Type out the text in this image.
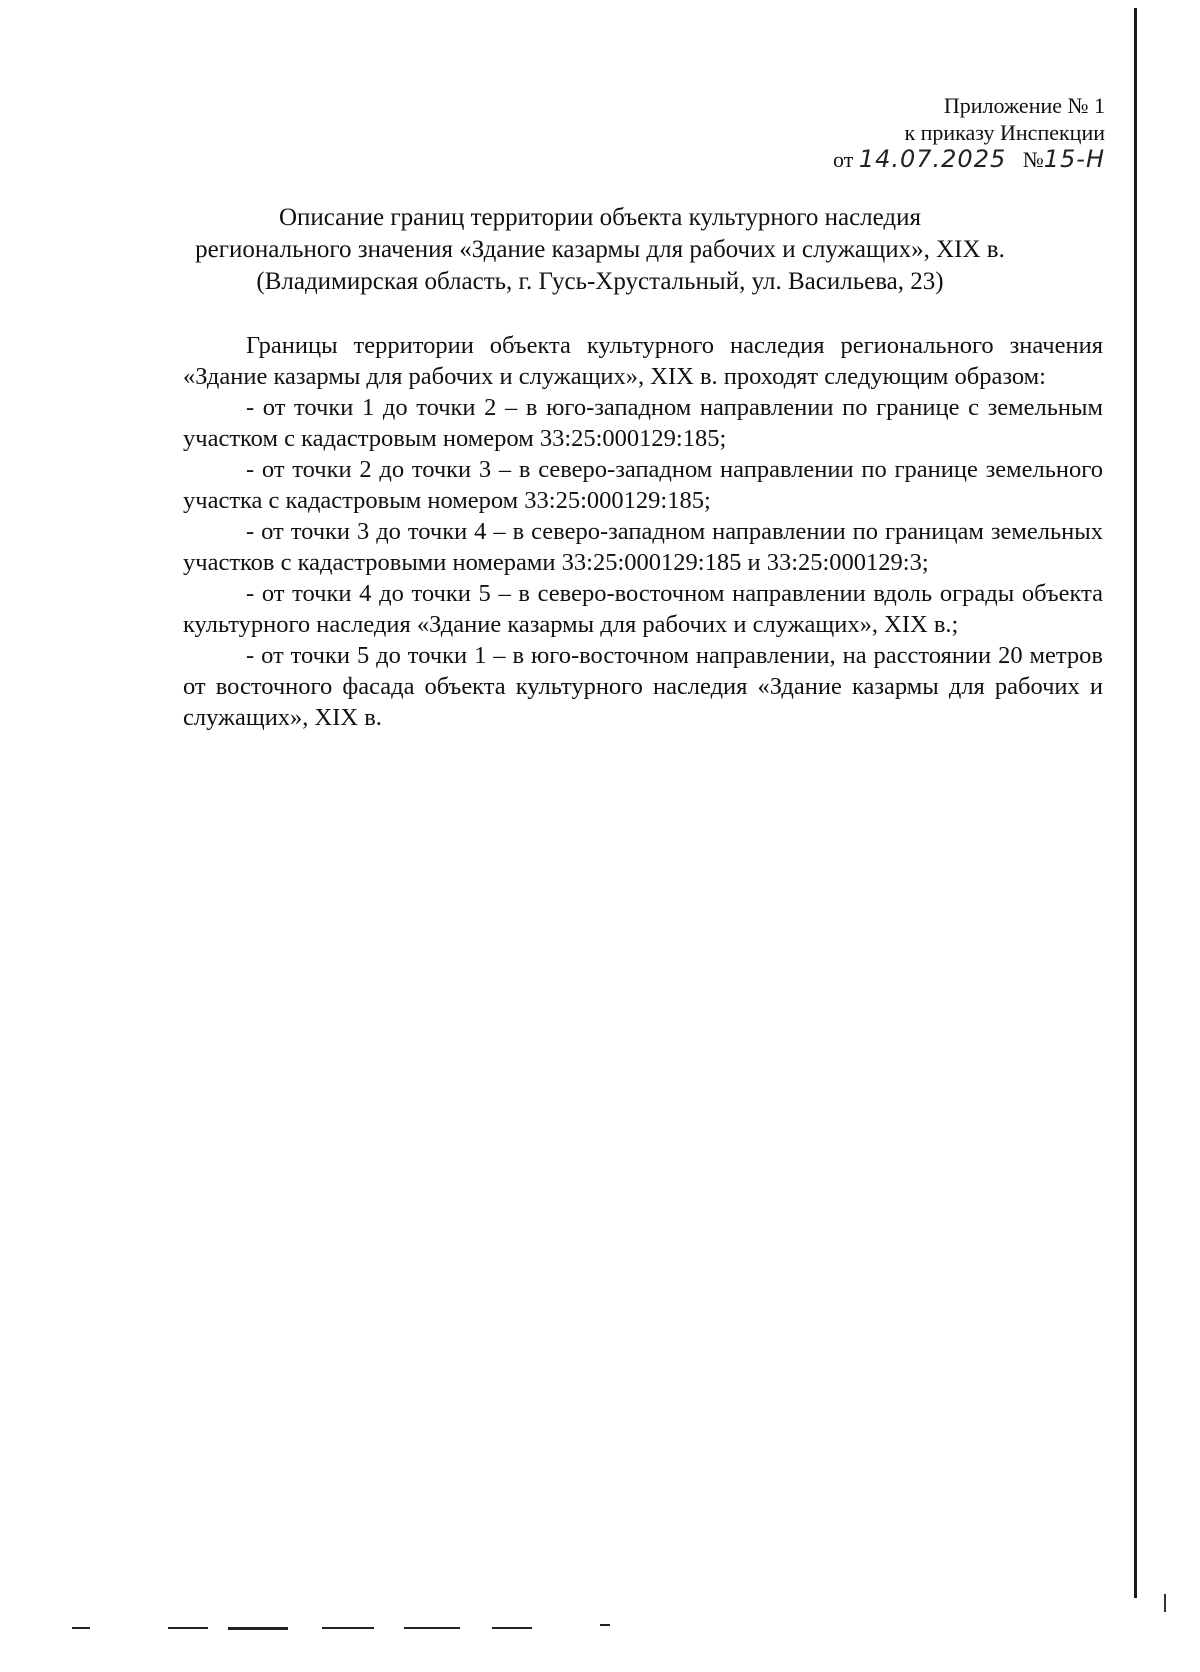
Приложение № 1
к приказу Инспекции
от 14.07.2025 №15-Н
Описание границ территории объекта культурного наследия
регионального значения «Здание казармы для рабочих и служащих», XIX в.
(Владимирская область, г. Гусь-Хрустальный, ул. Васильева, 23)

Границы территории объекта культурного наследия регионального значения «Здание казармы для рабочих и служащих», XIX в. проходят следующим образом:

- от точки 1 до точки 2 – в юго-западном направлении по границе с земельным участком с кадастровым номером 33:25:000129:185;

- от точки 2 до точки 3 – в северо-западном направлении по границе земельного участка с кадастровым номером 33:25:000129:185;

- от точки 3 до точки 4 – в северо-западном направлении по границам земельных участков с кадастровыми номерами 33:25:000129:185 и 33:25:000129:3;

- от точки 4 до точки 5 – в северо-восточном направлении вдоль ограды объекта культурного наследия «Здание казармы для рабочих и служащих», XIX в.;

- от точки 5 до точки 1 – в юго-восточном направлении, на расстоянии 20 метров от восточного фасада объекта культурного наследия «Здание казармы для рабочих и служащих», XIX в.
